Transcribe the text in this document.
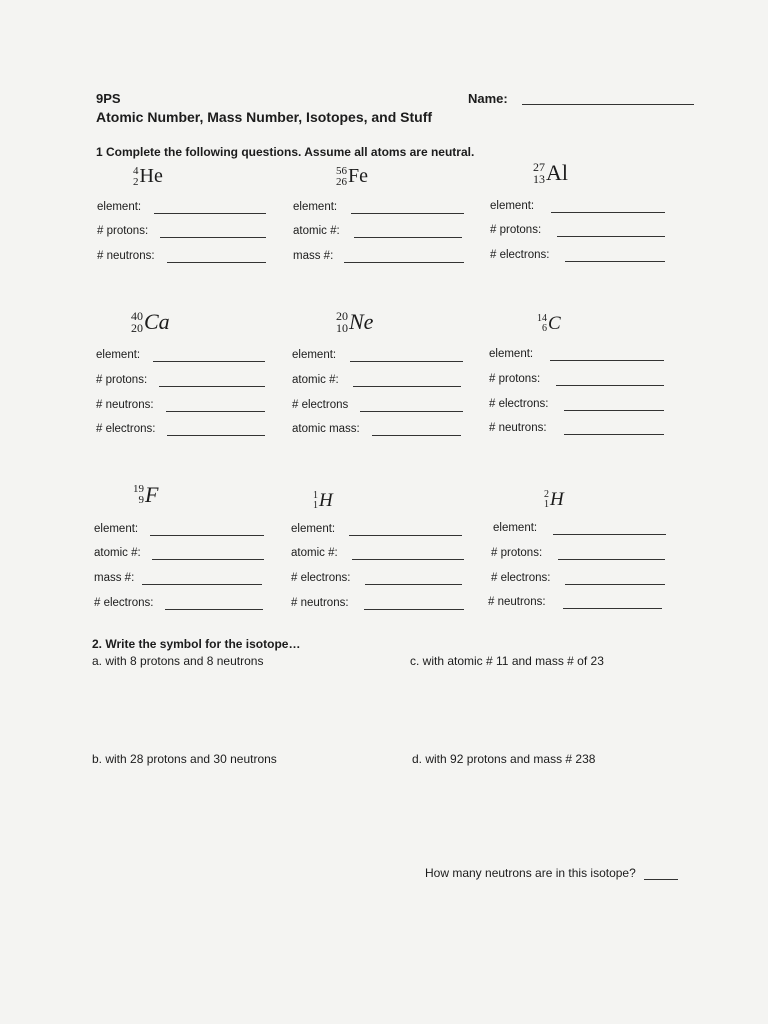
9PS
Atomic Number, Mass Number, Isotopes, and Stuff
Name:
1 Complete the following questions. Assume all atoms are neutral.
4
2 He	56
26 Fe	27
13 Al
element:
# protons:
# neutrons:
element:
atomic #:
mass #:
element:
# protons:
# electrons:
40
20 Ca	20
10 Ne	14
6 C
element:
# protons:
# neutrons:
# electrons:
element:
atomic #:
# electrons
atomic mass:
element:
# protons:
# electrons:
# neutrons:
19
9 F	1
1 H	2
1 H
element:
atomic #:
mass #:
# electrons:
element:
atomic #:
# electrons:
# neutrons:
element:
# protons:
# electrons:
# neutrons:
2. Write the symbol for the isotope…
a. with 8 protons and 8 neutrons	c. with atomic # 11 and mass # of 23
b. with 28 protons and 30 neutrons	d. with 92 protons and mass # 238
How many neutrons are in this isotope?
